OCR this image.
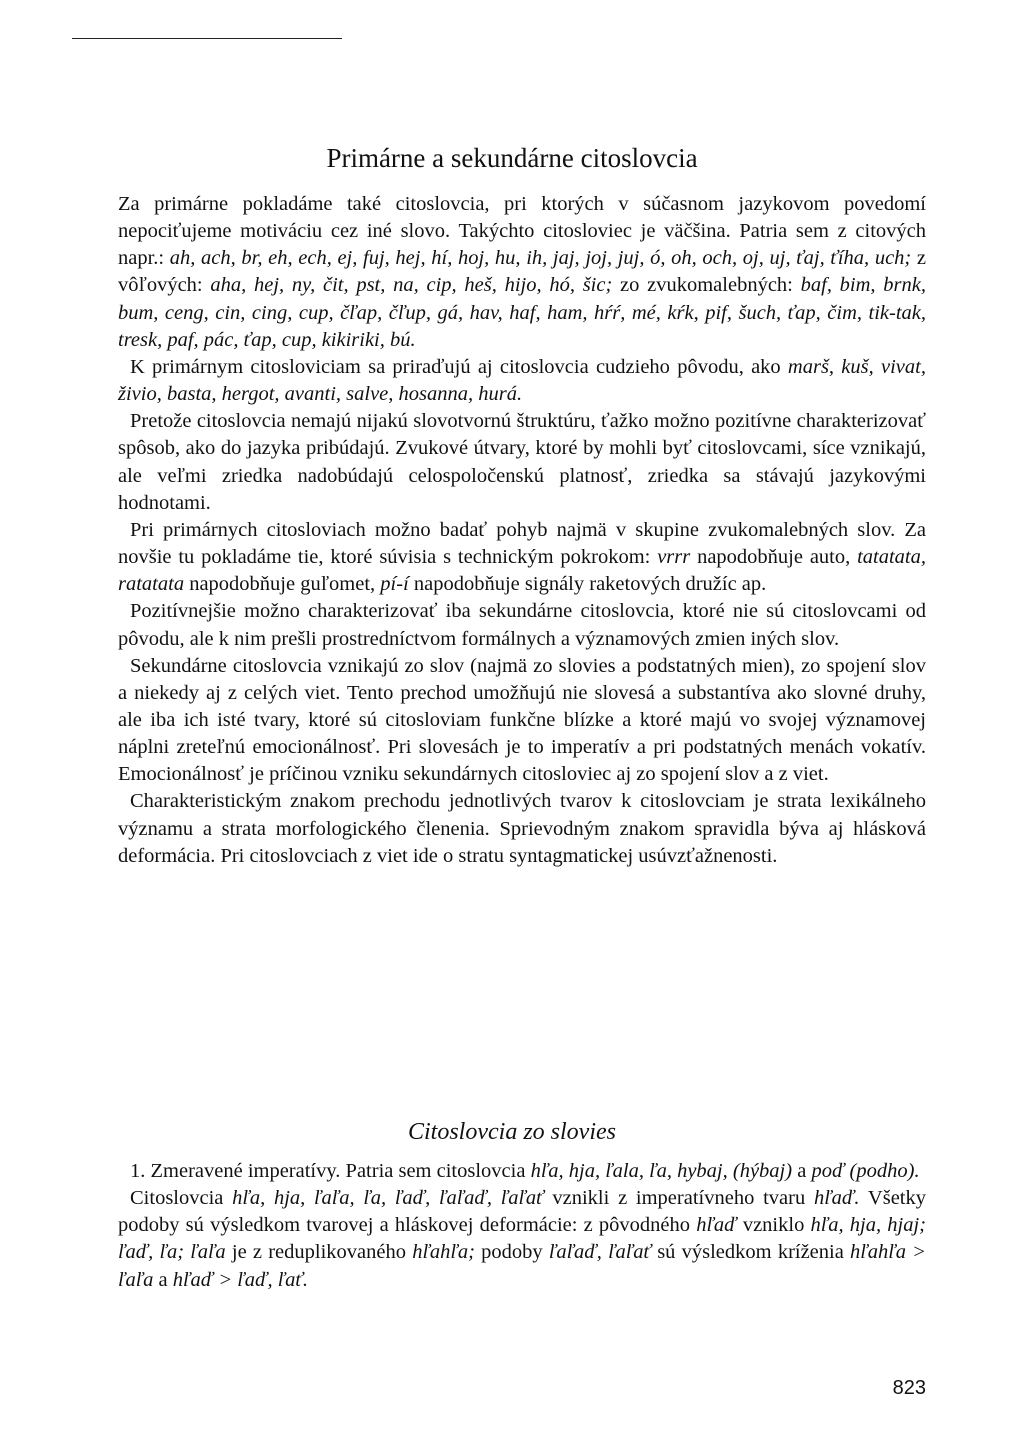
Primárne a sekundárne citoslovcia

Za primárne pokladáme také citoslovcia, pri ktorých v súčasnom jazykovom povedomí nepociťujeme motiváciu cez iné slovo. Takýchto citosloviec je väčšina. Patria sem z citových napr.: ah, ach, br, eh, ech, ej, fuj, hej, hí, hoj, hu, ih, jaj, joj, juj, ó, oh, och, oj, uj, ťaj, ťíha, uch; z vôľových: aha, hej, ny, čit, pst, na, cip, heš, hijo, hó, šic; zo zvukomalebných: baf, bim, brnk, bum, ceng, cin, cing, cup, čľap, čľup, gá, hav, haf, ham, hŕŕ, mé, kŕk, pif, šuch, ťap, čim, tik-tak, tresk, paf, pác, ťap, cup, kikiriki, bú.

K primárnym citosloviciam sa priraďujú aj citoslovcia cudzieho pôvodu, ako marš, kuš, vivat, živio, basta, hergot, avanti, salve, hosanna, hurá.

Pretože citoslovcia nemajú nijakú slovotvornú štruktúru, ťažko možno pozitívne charakterizovať spôsob, ako do jazyka pribúdajú. Zvukové útvary, ktoré by mohli byť citoslovcami, síce vznikajú, ale veľmi zriedka nadobúdajú celospoločenskú platnosť, zriedka sa stávajú jazykovými hodnotami.

Pri primárnych citosloviach možno badať pohyb najmä v skupine zvukomalebných slov. Za novšie tu pokladáme tie, ktoré súvisia s technickým pokrokom: vrrr napodobňuje auto, tatatata, ratatata napodobňuje guľomet, pí-í napodobňuje signály raketových družíc ap.

Pozitívnejšie možno charakterizovať iba sekundárne citoslovcia, ktoré nie sú citoslovcami od pôvodu, ale k nim prešli prostredníctvom formálnych a významových zmien iných slov.

Sekundárne citoslovcia vznikajú zo slov (najmä zo slovies a podstatných mien), zo spojení slov a niekedy aj z celých viet. Tento prechod umožňujú nie slovesá a substantíva ako slovné druhy, ale iba ich isté tvary, ktoré sú citosloviam funkčne blízke a ktoré majú vo svojej významovej náplni zreteľnú emocionálnosť. Pri slovesách je to imperatív a pri podstatných menách vokatív. Emocionálnosť je príčinou vzniku sekundárnych citosloviec aj zo spojení slov a z viet.

Charakteristickým znakom prechodu jednotlivých tvarov k citoslovciam je strata lexikálneho významu a strata morfologického členenia. Sprievodným znakom spravidla býva aj hlásková deformácia. Pri citoslovciach z viet ide o stratu syntagmatickej usúvzťažnenosti.

Citoslovcia zo slovies

1. Zmeravené imperatívy. Patria sem citoslovcia hľa, hja, ľala, ľa, hybaj, (hýbaj) a poď (podho).

Citoslovcia hľa, hja, ľaľa, ľa, ľaď, ľaľaď, ľaľať vznikli z imperatívneho tvaru hľaď. Všetky podoby sú výsledkom tvarovej a hláskovej deformácie: z pôvodného hľaď vzniklo hľa, hja, hjaj; ľaď, ľa; ľaľa je z reduplikovaného hľahľa; podoby ľaľaď, ľaľať sú výsledkom kríženia hľahľa > ľaľa a hľaď > ľaď, ľať.

823
